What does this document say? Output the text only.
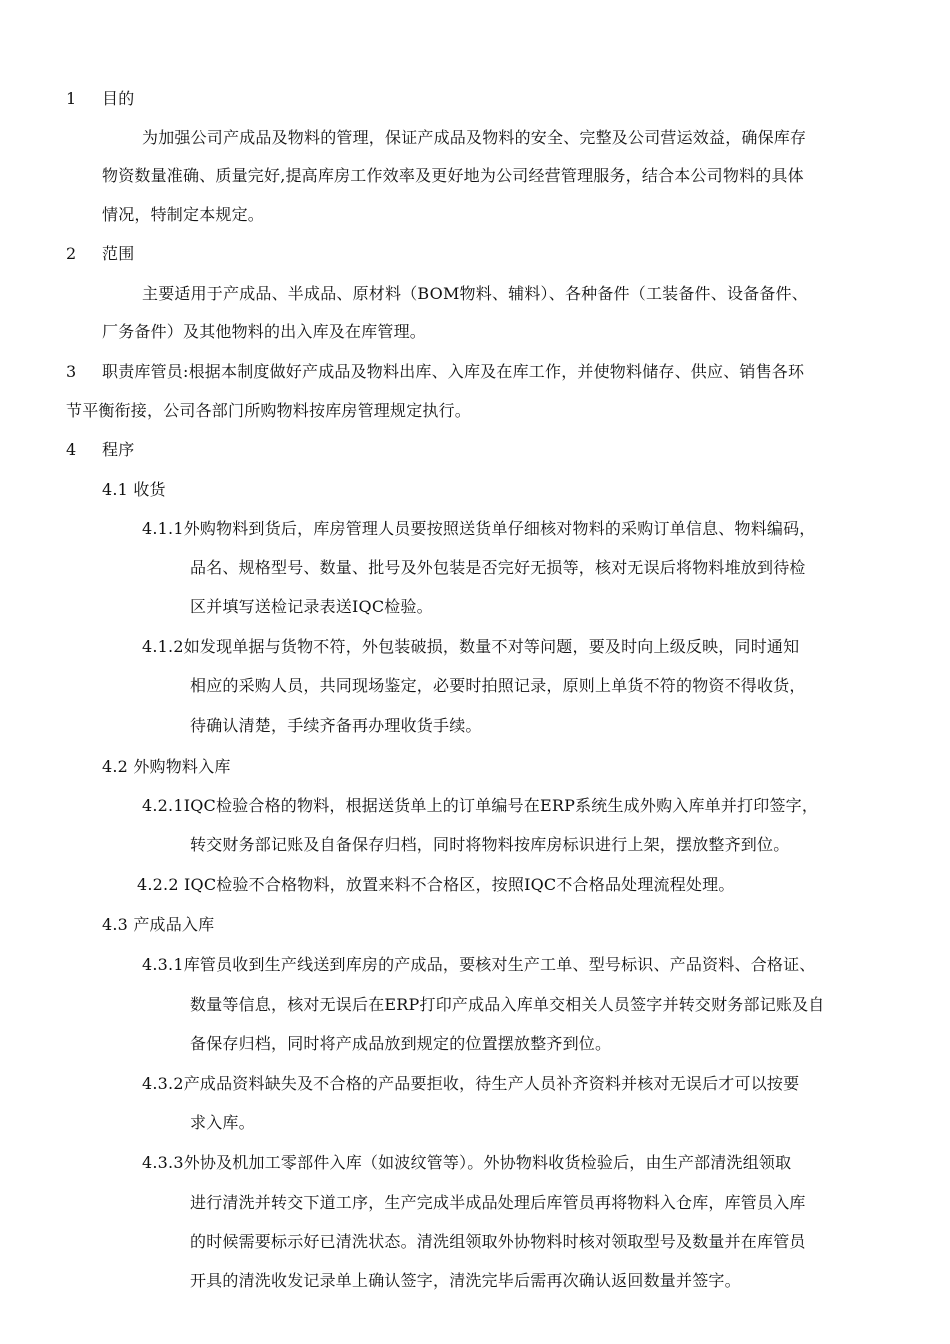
1 目的
为加强公司产成品及物料的管理，保证产成品及物料的安全、完整及公司营运效益，确保库存
物资数量准确、质量完好,提高库房工作效率及更好地为公司经营管理服务，结合本公司物料的具体
情况，特制定本规定。
2 范围
主要适用于产成品、半成品、原材料（BOM物料、辅料）、各种备件（工装备件、设备备件、
厂务备件）及其他物料的出入库及在库管理。
3 职责库管员:根据本制度做好产成品及物料出库、入库及在库工作，并使物料储存、供应、销售各环
节平衡衔接，公司各部门所购物料按库房管理规定执行。
4 程序
4.1 收货
4.1.1外购物料到货后，库房管理人员要按照送货单仔细核对物料的采购订单信息、物料编码，
品名、规格型号、数量、批号及外包装是否完好无损等，核对无误后将物料堆放到待检
区并填写送检记录表送IQC检验。
4.1.2如发现单据与货物不符，外包装破损，数量不对等问题，要及时向上级反映，同时通知
相应的采购人员，共同现场鉴定，必要时拍照记录，原则上单货不符的物资不得收货，
待确认清楚，手续齐备再办理收货手续。
4.2 外购物料入库
4.2.1IQC检验合格的物料，根据送货单上的订单编号在ERP系统生成外购入库单并打印签字，
转交财务部记账及自备保存归档，同时将物料按库房标识进行上架，摆放整齐到位。
4.2.2 IQC检验不合格物料，放置来料不合格区，按照IQC不合格品处理流程处理。
4.3 产成品入库
4.3.1库管员收到生产线送到库房的产成品，要核对生产工单、型号标识、产品资料、合格证、
数量等信息，核对无误后在ERP打印产成品入库单交相关人员签字并转交财务部记账及自
备保存归档，同时将产成品放到规定的位置摆放整齐到位。
4.3.2产成品资料缺失及不合格的产品要拒收，待生产人员补齐资料并核对无误后才可以按要
求入库。
4.3.3外协及机加工零部件入库（如波纹管等）。外协物料收货检验后，由生产部清洗组领取
进行清洗并转交下道工序，生产完成半成品处理后库管员再将物料入仓库，库管员入库
的时候需要标示好已清洗状态。清洗组领取外协物料时核对领取型号及数量并在库管员
开具的清洗收发记录单上确认签字，清洗完毕后需再次确认返回数量并签字。
